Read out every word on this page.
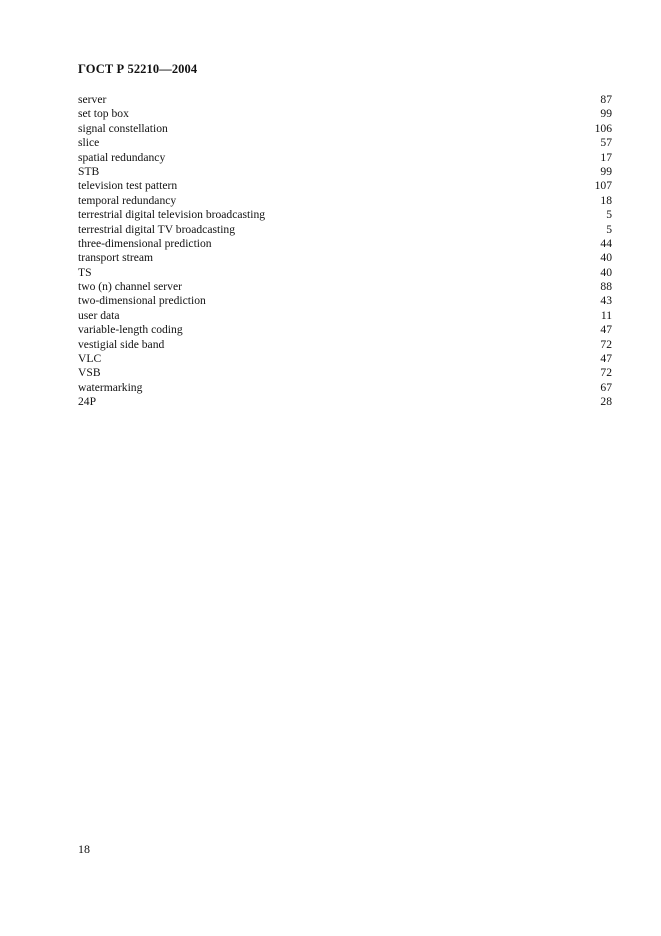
ГОСТ Р 52210—2004
server	87
set top box	99
signal constellation	106
slice	57
spatial redundancy	17
STB	99
television test pattern	107
temporal redundancy	18
terrestrial digital television broadcasting	5
terrestrial digital TV broadcasting	5
three-dimensional prediction	44
transport stream	40
TS	40
two (n) channel server	88
two-dimensional prediction	43
user data	11
variable-length coding	47
vestigial side band	72
VLC	47
VSB	72
watermarking	67
24P	28
18
